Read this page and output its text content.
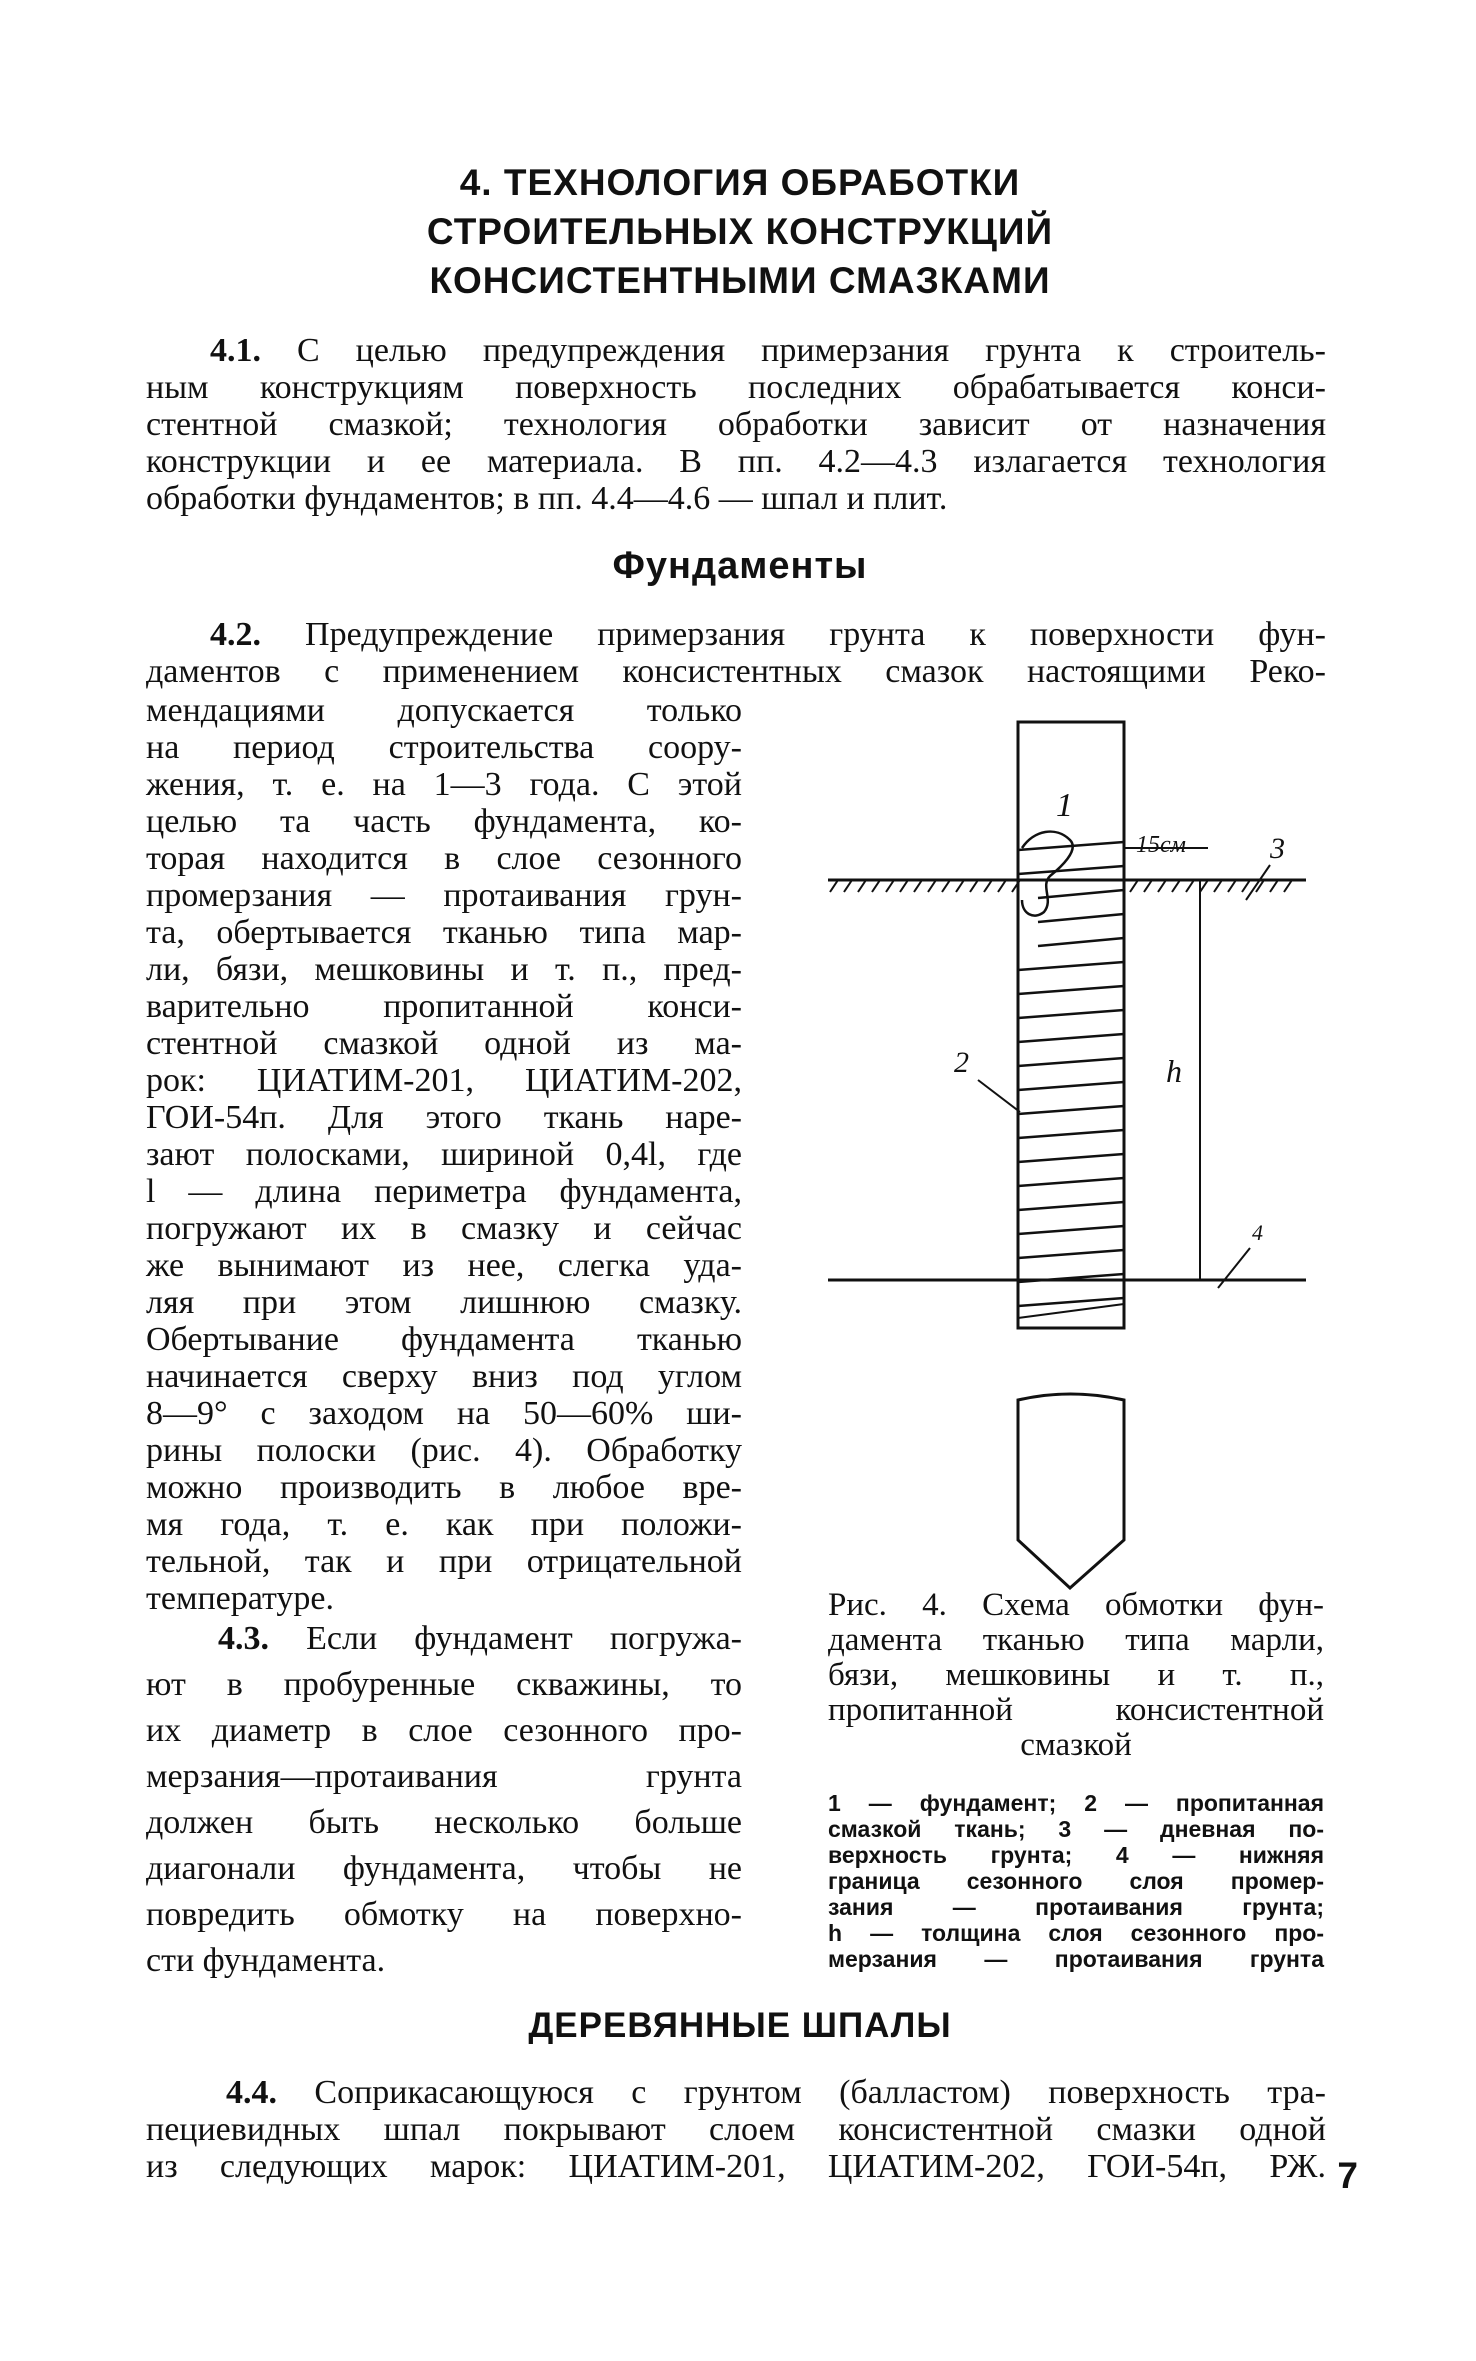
4. ТЕХНОЛОГИЯ ОБРАБОТКИ
СТРОИТЕЛЬНЫХ КОНСТРУКЦИЙ
КОНСИСТЕНТНЫМИ СМАЗКАМИ
4.1. С целью предупреждения примерзания грунта к строитель-
ным конструкциям поверхность последних обрабатывается конси-
стентной смазкой; технология обработки зависит от назначения
конструкции и ее материала. В пп. 4.2—4.3 излагается технология
обработки фундаментов; в пп. 4.4—4.6 — шпал и плит.
Фундаменты
4.2. Предупреждение примерзания грунта к поверхности фун-
даментов с применением консистентных смазок настоящими Реко-
мендациями допускается только
на период строительства соору-
жения, т. е. на 1—3 года. С этой
целью та часть фундамента, ко-
торая находится в слое сезонного
промерзания — протаивания грун-
та, обертывается тканью типа мар-
ли, бязи, мешковины и т. п., пред-
варительно пропитанной конси-
стентной смазкой одной из ма-
рок: ЦИАТИМ-201, ЦИАТИМ-202,
ГОИ-54п. Для этого ткань наре-
зают полосками, шириной 0,4l, где
l — длина периметра фундамента,
погружают их в смазку и сейчас
же вынимают из нее, слегка уда-
ляя при этом лишнюю смазку.
Обертывание фундамента тканью
начинается сверху вниз под углом
8—9° с заходом на 50—60% ши-
рины полоски (рис. 4). Обработку
можно производить в любое вре-
мя года, т. е. как при положи-
тельной, так и при отрицательной
температуре.
4.3. Если фундамент погружа-
ют в пробуренные скважины, то
их диаметр в слое сезонного про-
мерзания—протаивания грунта
должен быть несколько больше
диагонали фундамента, чтобы не
повредить обмотку на поверхно-
сти фундамента.
1
2
3
4
h
15см
Рис. 4. Схема обмотки фун-
дамента тканью типа марли,
бязи, мешковины и т. п.,
пропитанной консистентной
смазкой
1 — фундамент; 2 — пропитанная
смазкой ткань; 3 — дневная по-
верхность грунта; 4 — нижняя
граница сезонного слоя промер-
зания — протаивания грунта;
h — толщина слоя сезонного про-
мерзания — протаивания грунта
ДЕРЕВЯННЫЕ ШПАЛЫ
4.4. Соприкасающуюся с грунтом (балластом) поверхность тра-
пециевидных шпал покрывают слоем консистентной смазки одной
из следующих марок: ЦИАТИМ-201, ЦИАТИМ-202, ГОИ-54п, РЖ. 7
